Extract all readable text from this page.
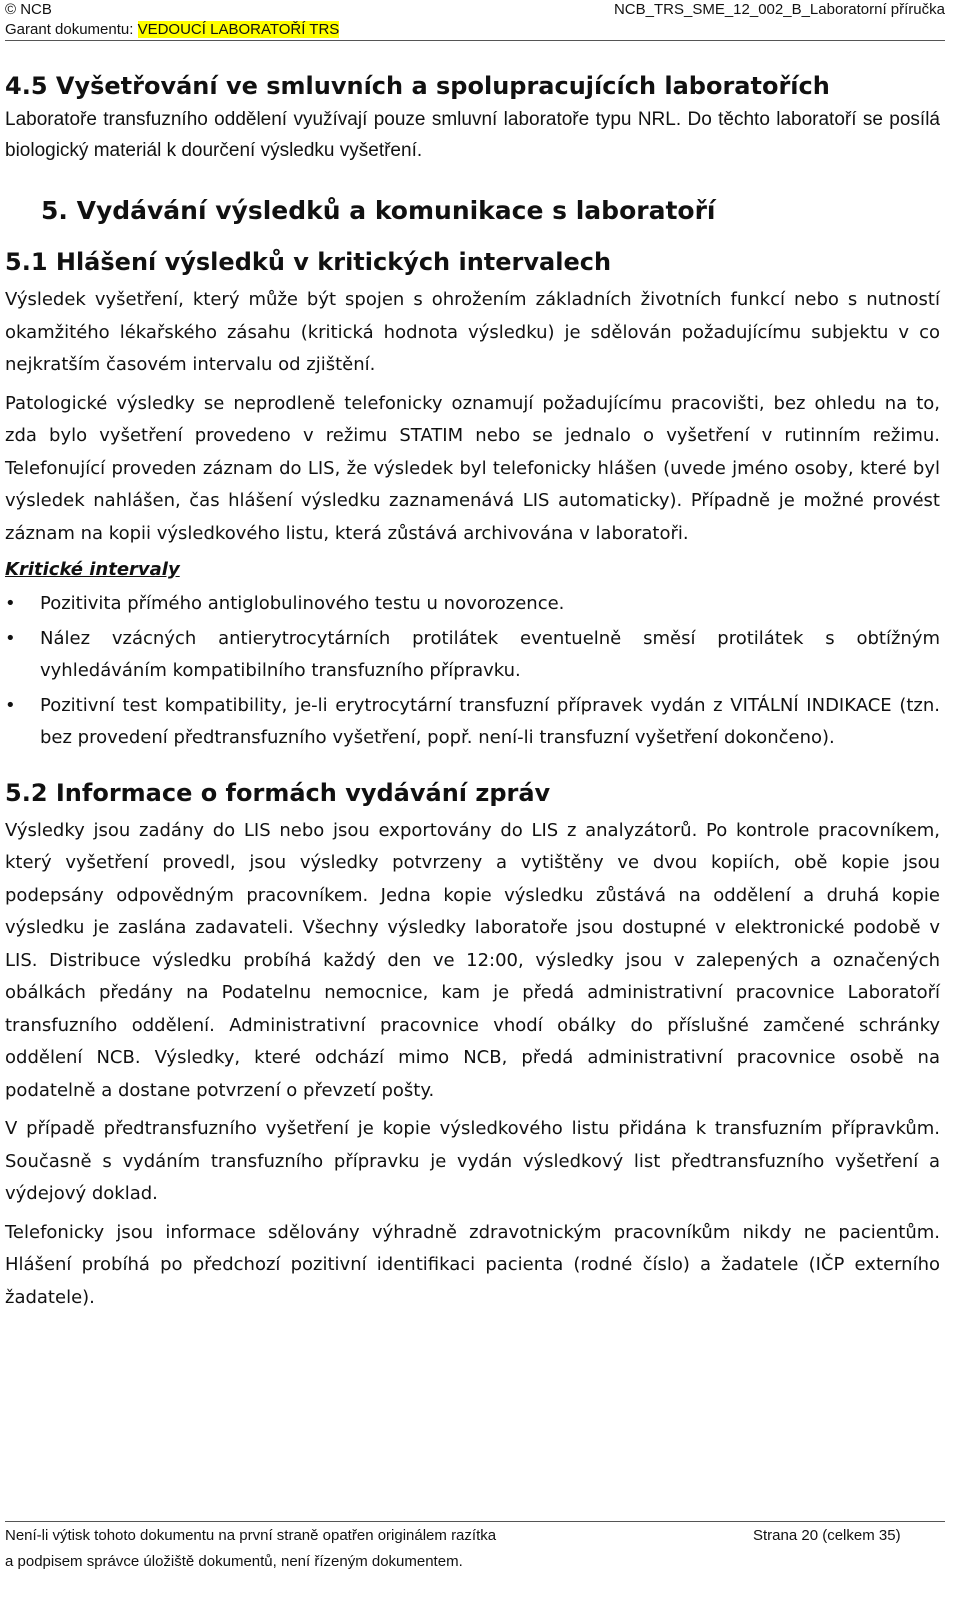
© NCB
Garant dokumentu: VEDOUCÍ LABORATOŘÍ TRS
NCB_TRS_SME_12_002_B_Laboratorní příručka
4.5 Vyšetřování ve smluvních a spolupracujících laboratořích

Laboratoře transfuzního oddělení využívají pouze smluvní laboratoře typu NRL. Do těchto laboratoří se posílá biologický materiál k dourčení výsledku vyšetření.

5. Vydávání výsledků a komunikace s laboratoří
5.1 Hlášení výsledků v kritických intervalech

Výsledek vyšetření, který může být spojen s ohrožením základních životních funkcí nebo s nutností okamžitého lékařského zásahu (kritická hodnota výsledku) je sdělován požadujícímu subjektu v co nejkratším časovém intervalu od zjištění.

Patologické výsledky se neprodleně telefonicky oznamují požadujícímu pracovišti, bez ohledu na to, zda bylo vyšetření provedeno v režimu STATIM nebo se jednalo o vyšetření v rutinním režimu. Telefonující proveden záznam do LIS, že výsledek byl telefonicky hlášen (uvede jméno osoby, které byl výsledek nahlášen, čas hlášení výsledku zaznamenává LIS automaticky). Případně je možné provést záznam na kopii výsledkového listu, která zůstává archivována v laboratoři.

Kritické intervaly
• Pozitivita přímého antiglobulinového testu u novorozence.
• Nález vzácných antierytrocytárních protilátek eventuelně směsí protilátek s obtížným vyhledáváním kompatibilního transfuzního přípravku.
• Pozitivní test kompatibility, je-li erytrocytární transfuzní přípravek vydán z VITÁLNÍ INDIKACE (tzn. bez provedení předtransfuzního vyšetření, popř. není-li transfuzní vyšetření dokončeno).
5.2 Informace o formách vydávání zpráv

Výsledky jsou zadány do LIS nebo jsou exportovány do LIS z analyzátorů. Po kontrole pracovníkem, který vyšetření provedl, jsou výsledky potvrzeny a vytištěny ve dvou kopiích, obě kopie jsou podepsány odpovědným pracovníkem. Jedna kopie výsledku zůstává na oddělení a druhá kopie výsledku je zaslána zadavateli. Všechny výsledky laboratoře jsou dostupné v elektronické podobě v LIS. Distribuce výsledku probíhá každý den ve 12:00, výsledky jsou v zalepených a označených obálkách předány na Podatelnu nemocnice, kam je předá administrativní pracovnice Laboratoří transfuzního oddělení. Administrativní pracovnice vhodí obálky do příslušné zamčené schránky oddělení NCB. Výsledky, které odchází mimo NCB, předá administrativní pracovnice osobě na podatelně a dostane potvrzení o převzetí pošty.

V případě předtransfuzního vyšetření je kopie výsledkového listu přidána k transfuzním přípravkům. Současně s vydáním transfuzního přípravku je vydán výsledkový list předtransfuzního vyšetření a výdejový doklad.

Telefonicky jsou informace sdělovány výhradně zdravotnickým pracovníkům nikdy ne pacientům. Hlášení probíhá po předchozí pozitivní identifikaci pacienta (rodné číslo) a žadatele (IČP externího žadatele).

Není-li výtisk tohoto dokumentu na první straně opatřen originálem razítka
a podpisem správce úložiště dokumentů, není řízeným dokumentem.
Strana 20 (celkem 35)
